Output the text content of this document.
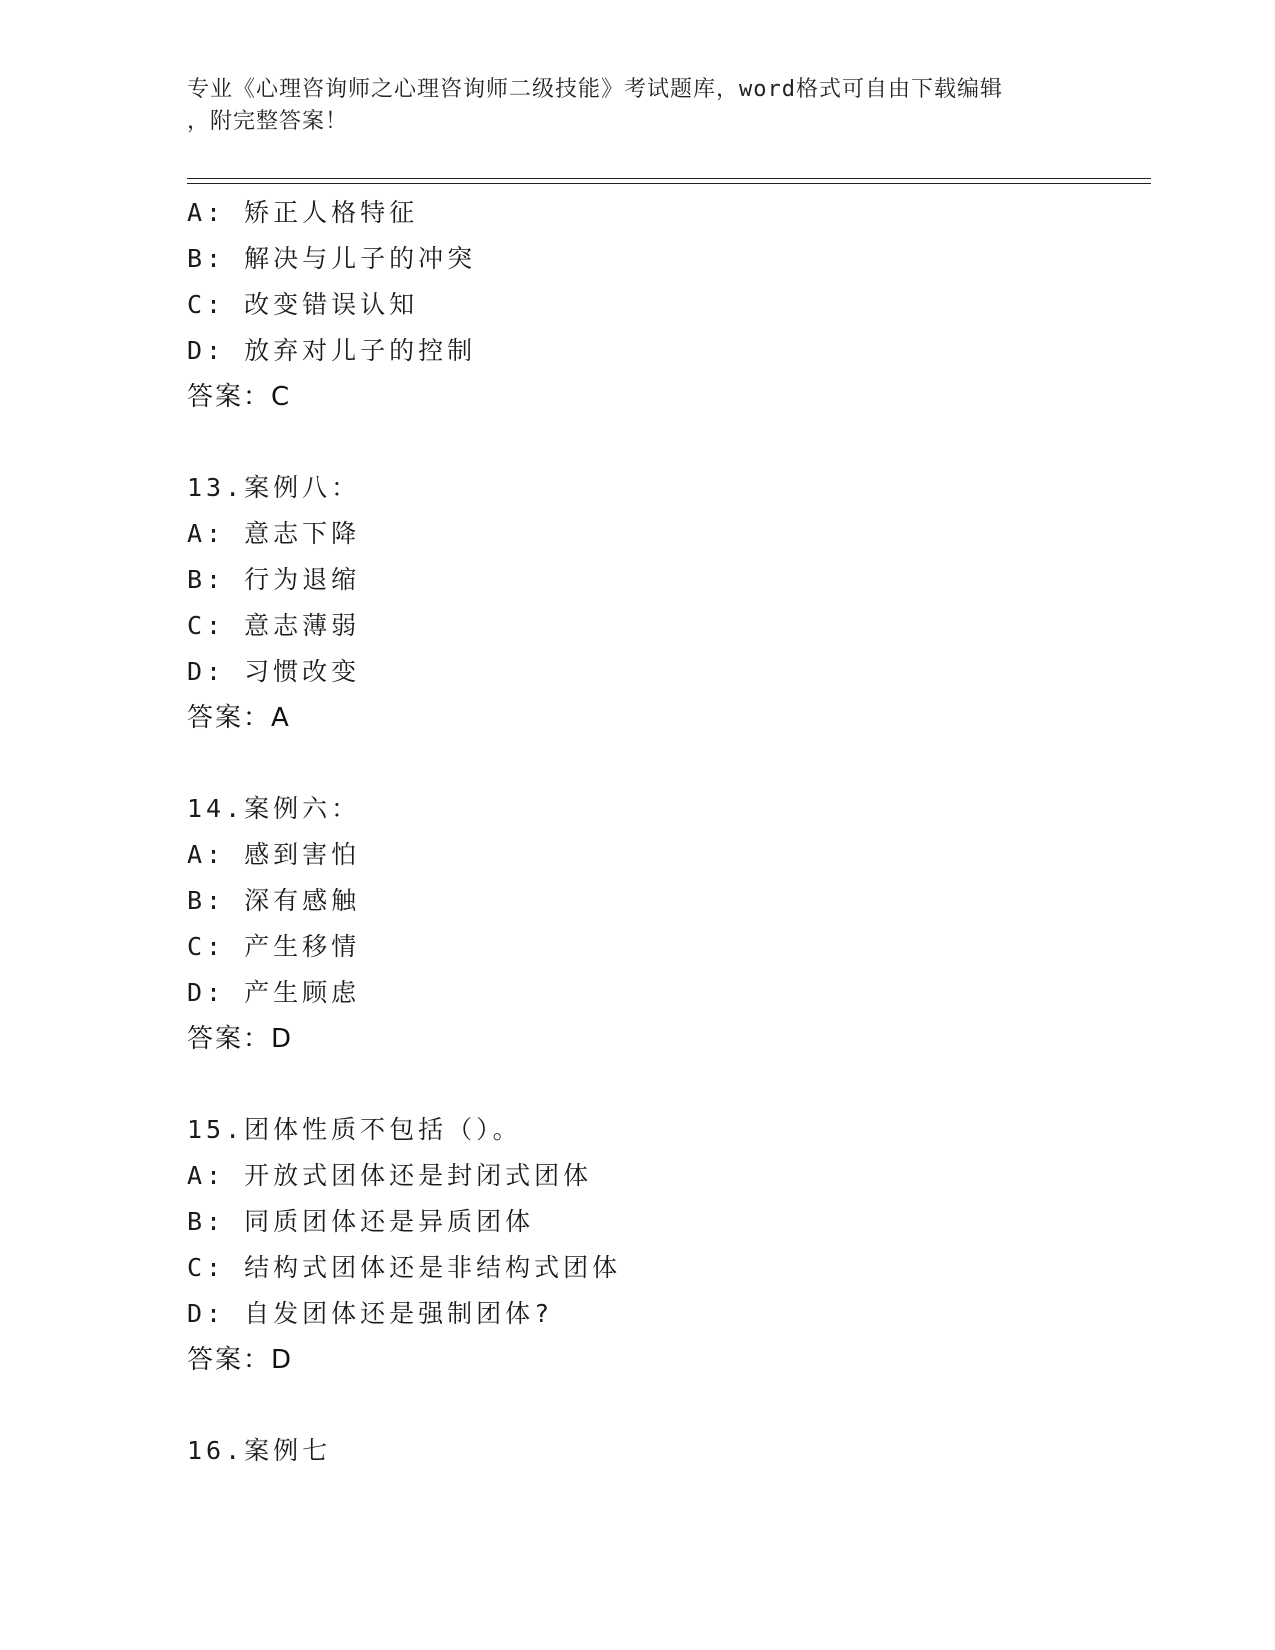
专业《心理咨询师之心理咨询师二级技能》考试题库，word格式可自由下载编辑
，附完整答案！
A: 矫正人格特征
B: 解决与儿子的冲突
C: 改变错误认知
D: 放弃对儿子的控制
答案：C
13.案例八：
A: 意志下降
B: 行为退缩
C: 意志薄弱
D: 习惯改变
答案：A
14.案例六：
A: 感到害怕
B: 深有感触
C: 产生移情
D: 产生顾虑
答案：D
15.团体性质不包括（）。
A: 开放式团体还是封闭式团体
B: 同质团体还是异质团体
C: 结构式团体还是非结构式团体
D: 自发团体还是强制团体?
答案：D
16.案例七
